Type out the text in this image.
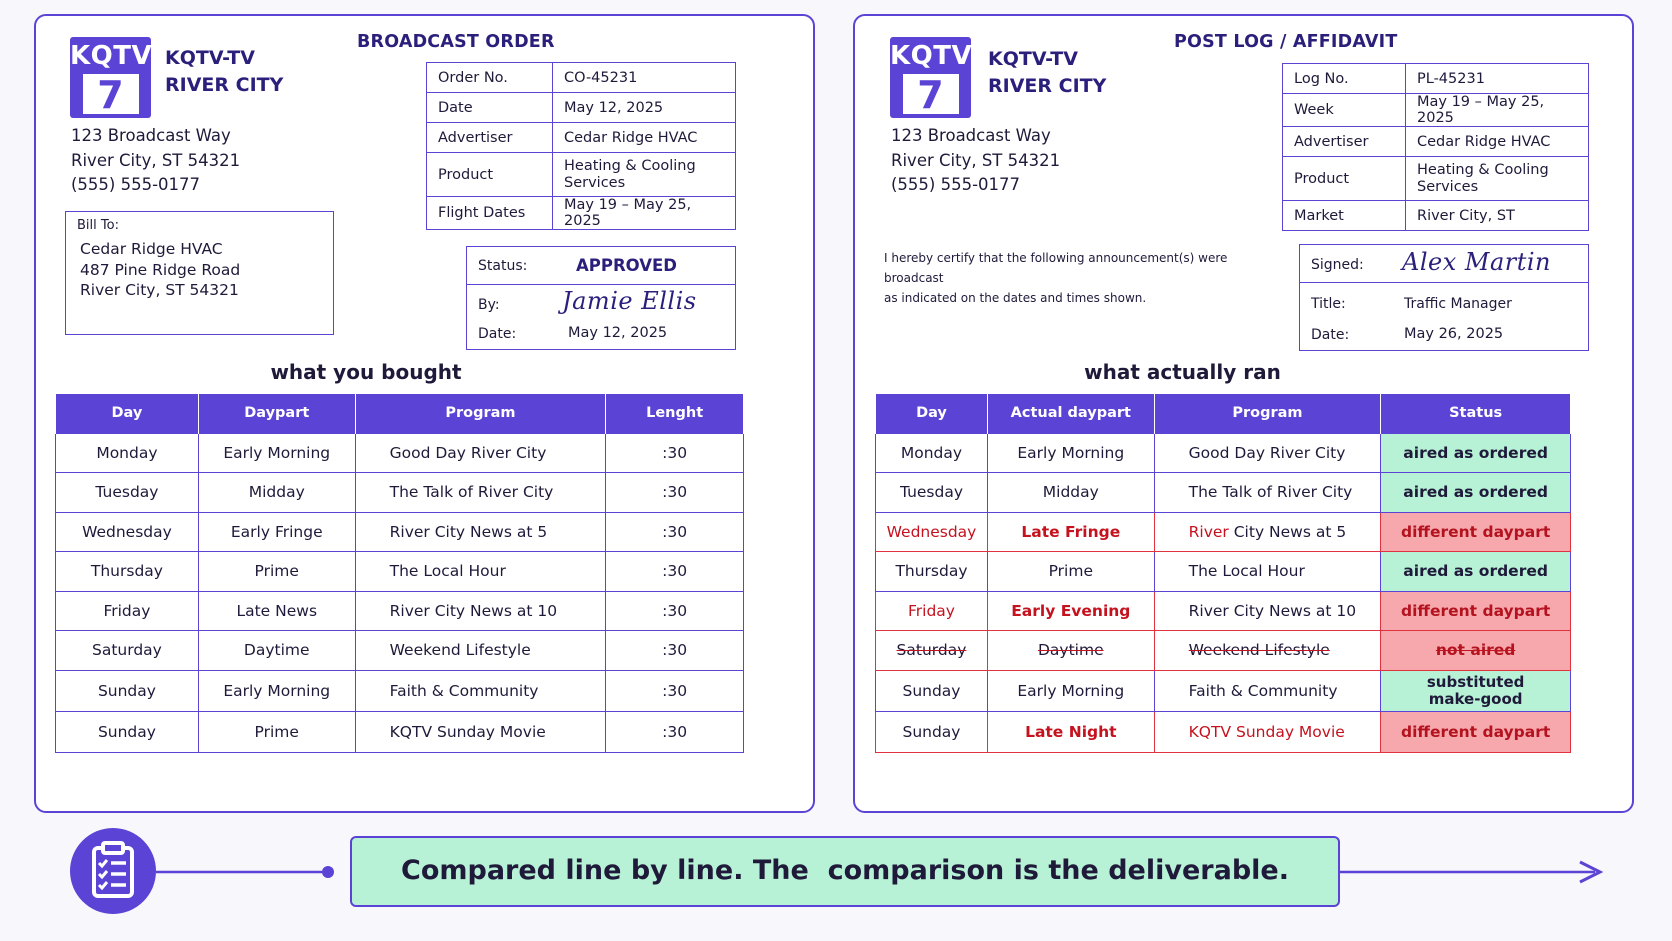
KQTV
7
KQTV-TV
RIVER CITY
123 Broadcast Way
River City, ST 54321
(555) 555-0177
BROADCAST ORDER
Order No.	CO-45231
Date	May 12, 2025
Advertiser	Cedar Ridge HVAC
Product	Heating & Cooling Services
Flight Dates	May 19 – May 25, 2025
Bill To:
Cedar Ridge HVAC
487 Pine Ridge Road
River City, ST 54321
Status:	APPROVED
By:	Jamie Ellis
Date:	May 12, 2025
what you bought
Day	Daypart	Program	Lenght
Monday	Early Morning	Good Day River City	:30
Tuesday	Midday	The Talk of River City	:30
Wednesday	Early Fringe	River City News at 5	:30
Thursday	Prime	The Local Hour	:30
Friday	Late News	River City News at 10	:30
Saturday	Daytime	Weekend Lifestyle	:30
Sunday	Early Morning	Faith & Community	:30
Sunday	Prime	KQTV Sunday Movie	:30
KQTV
7
KQTV-TV
RIVER CITY
123 Broadcast Way
River City, ST 54321
(555) 555-0177
POST LOG / AFFIDAVIT
Log No.	PL-45231
Week	May 19 – May 25, 2025
Advertiser	Cedar Ridge HVAC
Product	Heating & Cooling Services
Market	River City, ST
I hereby certify that the following announcement(s) were broadcast
as indicated on the dates and times shown.
Signed: Alex Martin
Title:	Traffic Manager
Date:	May 26, 2025
what actually ran
Day	Actual daypart	Program	Status
Monday	Early Morning	Good Day River City	aired as ordered
Tuesday	Midday	The Talk of River City	aired as ordered
Wednesday	Late Fringe	River City News at 5	different daypart
Thursday	Prime	The Local Hour	aired as ordered
Friday	Early Evening	River City News at 10	different daypart
Saturday	Daytime	Weekend Lifestyle	not aired
Sunday	Early Morning	Faith & Community	substituted
make-good

Sunday	Late Night	KQTV Sunday Movie	different daypart
Compared line by line. The  comparison is the deliverable.
